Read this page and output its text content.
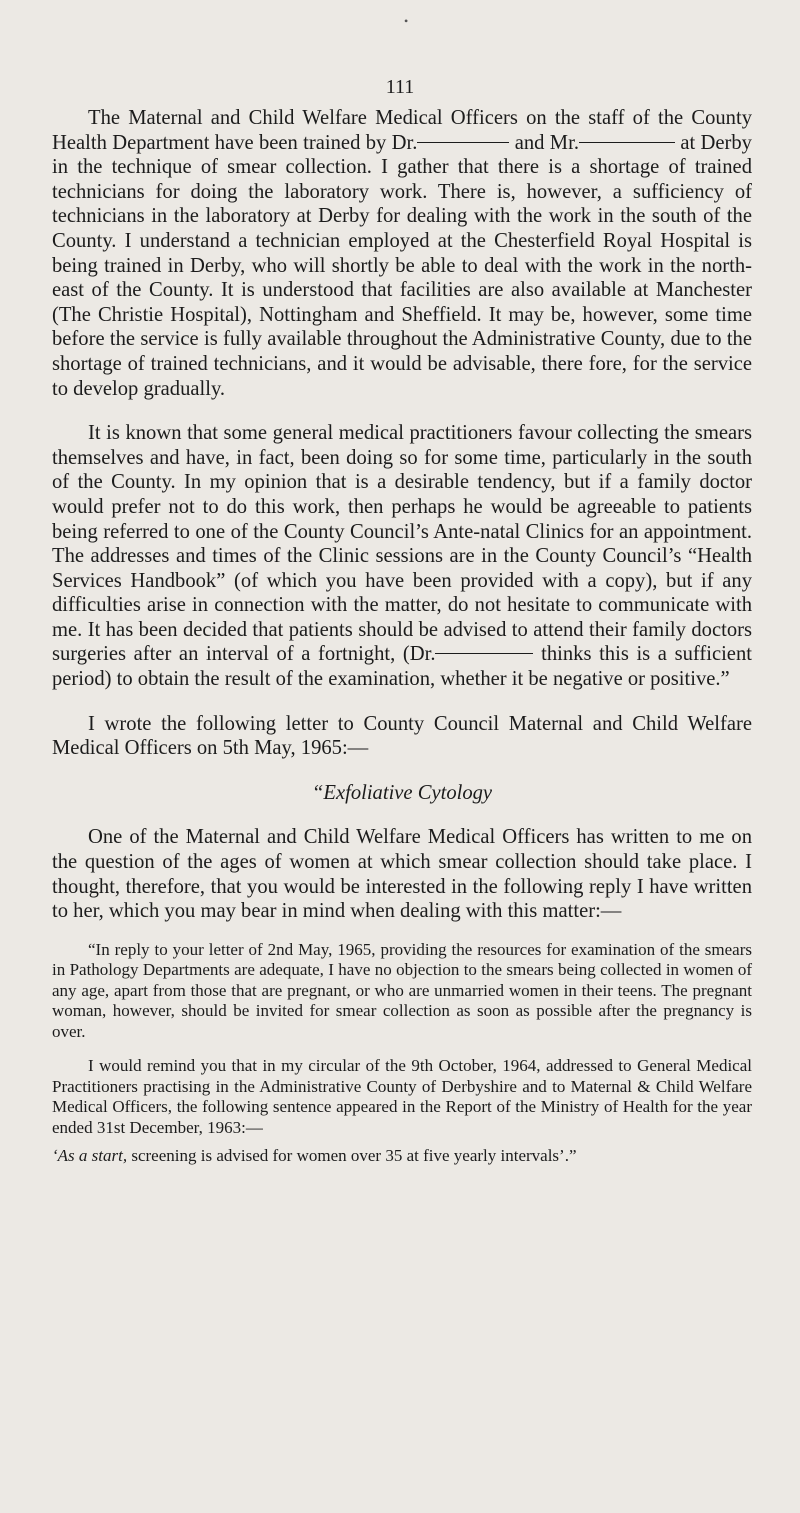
•
111

The Maternal and Child Welfare Medical Officers on the staff of the County Health Department have been trained by Dr.	and Mr.	at Derby in the technique of smear collection. I gather that there is a shortage of trained technicians for doing the laboratory work. There is, however, a sufficiency of technicians in the laboratory at Derby for dealing with the work in the south of the County. I understand a technician employed at the Chesterfield Royal Hospital is being trained in Derby, who will shortly be able to deal with the work in the north-east of the County. It is understood that facilities are also available at Manchester (The Christie Hospital), Nottingham and Sheffield. It may be, however, some time before the service is fully available throughout the Administrative County, due to the shortage of trained technicians, and it would be advisable, there fore, for the service to develop gradually.

It is known that some general medical practitioners favour collecting the smears themselves and have, in fact, been doing so for some time, particularly in the south of the County. In my opinion that is a desirable tendency, but if a family doctor would prefer not to do this work, then perhaps he would be agreeable to patients being referred to one of the County Council’s Ante-natal Clinics for an appointment. The addresses and times of the Clinic sessions are in the County Council’s “Health Services Handbook” (of which you have been provided with a copy), but if any difficulties arise in connection with the matter, do not hesitate to communicate with me. It has been decided that patients should be advised to attend their family doctors surgeries after an interval of a fortnight, (Dr.	thinks this is a sufficient period) to obtain the result of the examination, whether it be negative or positive.”

I wrote the following letter to County Council Maternal and Child Welfare Medical Officers on 5th May, 1965:—

“Exfoliative Cytology

One of the Maternal and Child Welfare Medical Officers has written to me on the question of the ages of women at which smear collection should take place. I thought, therefore, that you would be interested in the following reply I have written to her, which you may bear in mind when dealing with this matter:—

“In reply to your letter of 2nd May, 1965, providing the resources for examination of the smears in Pathology Departments are adequate, I have no objection to the smears being collected in women of any age, apart from those that are pregnant, or who are unmarried women in their teens. The pregnant woman, however, should be invited for smear collection as soon as possible after the pregnancy is over.

I would remind you that in my circular of the 9th October, 1964, addressed to General Medical Practitioners practising in the Administrative County of Derbyshire and to Maternal & Child Welfare Medical Officers, the following sentence appeared in the Report of the Ministry of Health for the year ended 31st December, 1963:—

‘As a start, screening is advised for women over 35 at five yearly intervals’.”
